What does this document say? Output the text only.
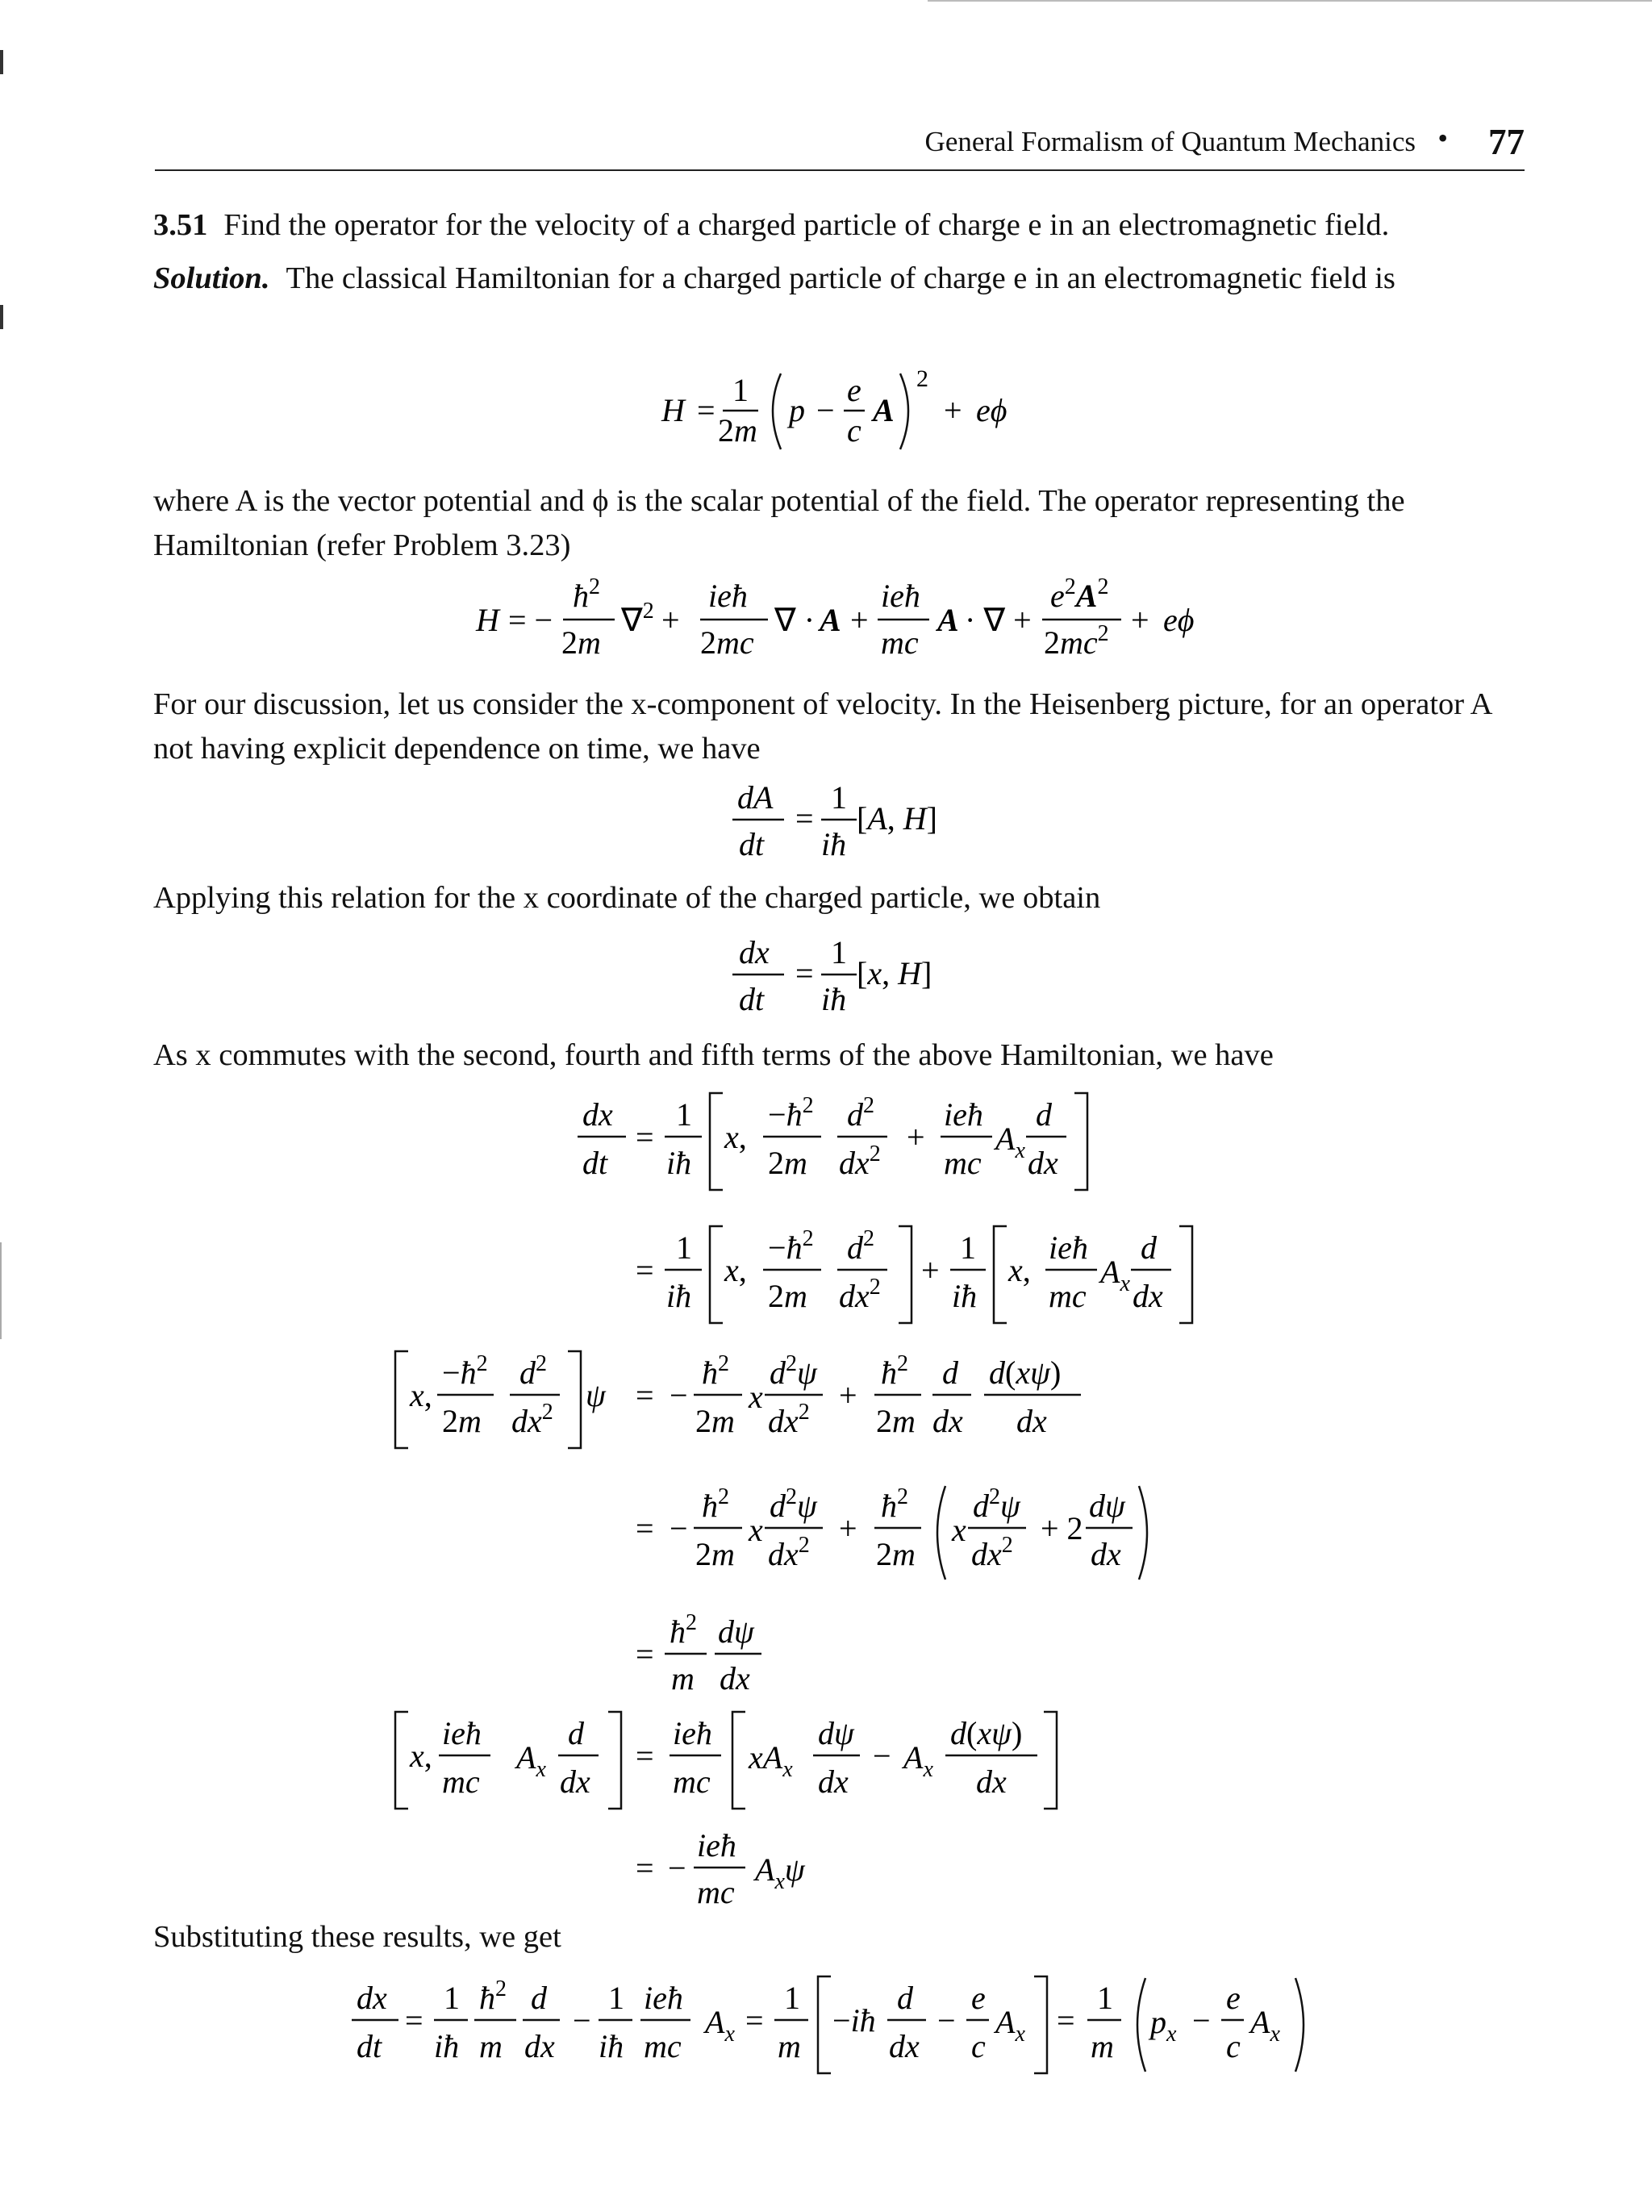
General Formalism of Quantum Mechanics • 77

3.51 Find the operator for the velocity of a charged particle of charge e in an electromagnetic field.

Solution. The classical Hamiltonian for a charged particle of charge e in an electromagnetic field is

where A is the vector potential and ϕ is the scalar potential of the field. The operator representing the Hamiltonian (refer Problem 3.23)

For our discussion, let us consider the x-component of velocity. In the Heisenberg picture, for an operator A not having explicit dependence on time, we have

Applying this relation for the x coordinate of the charged particle, we obtain

As x commutes with the second, fourth and fifth terms of the above Hamiltonian, we have

Substituting these results, we get

H =
1
2m
p −
e
c
A
2
+ eϕ
H = −
$ħ^2$
2m
∇$^2$ +
ieħ
2mc
∇ · A +
ieħ
mc
A · ∇ +
$e^2A^2$
$2mc^2 + e\phi$
dA
dt
=
1
iħ
[A, H]
dx
dt
=
1
iħ
[x, H]
dx
dt
=
1
iħ
x,
$-ħ^2$
2m
$d^2$
$dx^2$ +
ieħ
mc
$A_x$
d
dx
=
1
iħ
x,
$-ħ^2$
2m
$d^2$
$dx^2$ +
1
iħ
x,
ieħ
mc
$A_x$
d
dx
x,
$-ħ^2$
2m
$d^2$
$dx^2$ ψ = −
$ħ^2$
2m
x
$d^2\psi$
$dx^2$ +
$ħ^2$
2m
d
dx
d(xψ)
dx
= −
$ħ^2$
2m
x
$d^2\psi$
$dx^2$ +
$ħ^2$
2m
x
$d^2\psi$
$dx^2 + 2$
dψ
dx
=
$ħ^2$
m
dψ
dx
x,
ieħ
mc
$A_x$
d
dx
=
ieħ
mc
$xA_x$
dψ
dx
− $A_x$
d(xψ)
dx
= −
ieħ
mc
$A_x\psi$
dx
dt
=
1
iħ
$ħ^2$
m
d
dx
−
1
iħ
ieħ
mc
$A_x$ =
1
m
−iħ
d
dx
−
e
c
$A_x$ =
1
m
$p_x$ −
e
c
$A_x$
